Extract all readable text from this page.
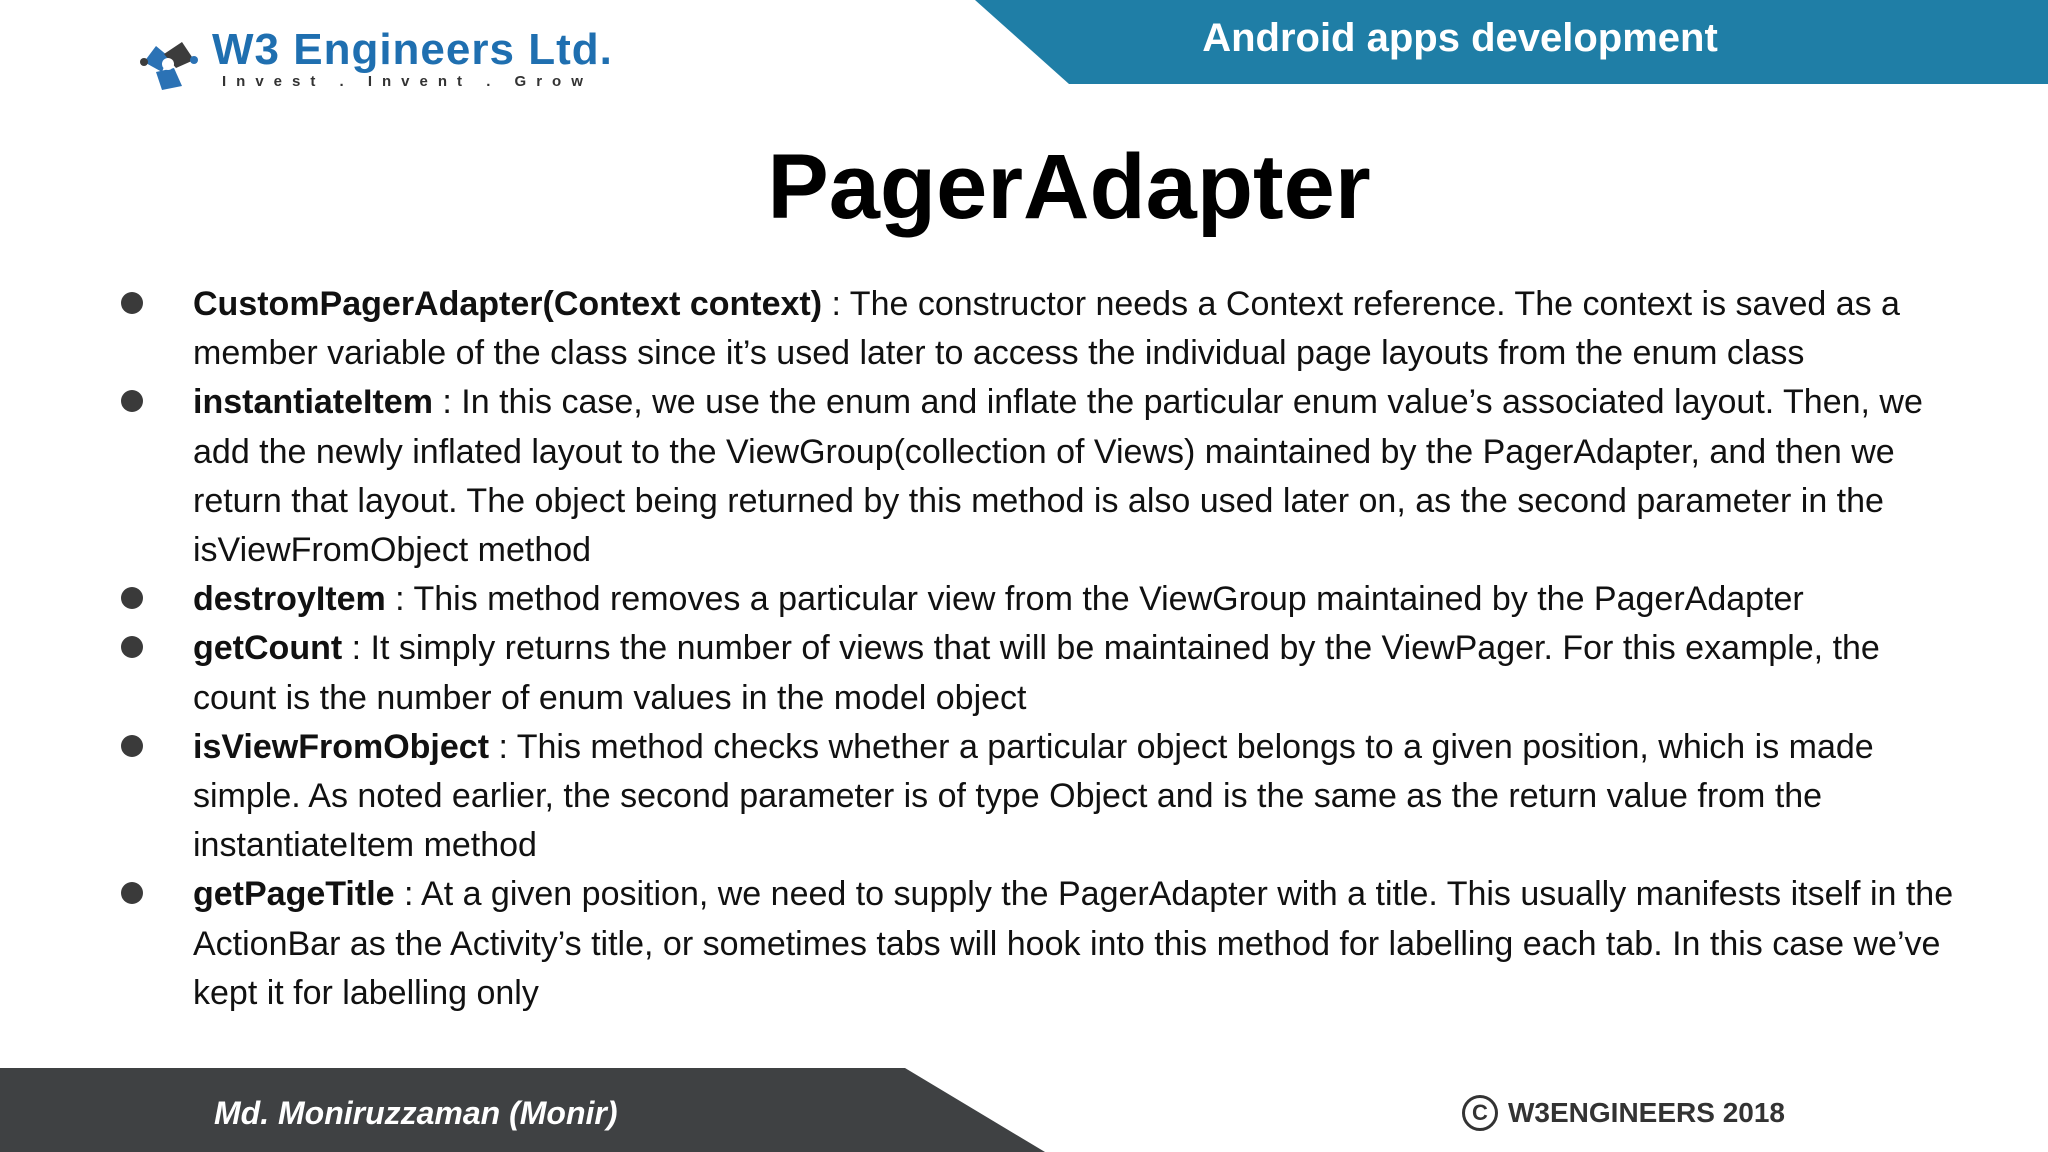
W3 Engineers Ltd.
Invest . Invent . Grow
Android apps development
PagerAdapter
CustomPagerAdapter(Context context) : The constructor needs a Context reference. The context is saved as a member variable of the class since it’s used later to access the individual page layouts from the enum class
instantiateItem : In this case, we use the enum and inflate the particular enum value’s associated layout. Then, we add the newly inflated layout to the ViewGroup(collection of Views) maintained by the PagerAdapter, and then we return that layout. The object being returned by this method is also used later on, as the second parameter in the isViewFromObject method
destroyItem : This method removes a particular view from the ViewGroup maintained by the PagerAdapter
getCount : It simply returns the number of views that will be maintained by the ViewPager. For this example, the count is the number of enum values in the model object
isViewFromObject : This method checks whether a particular object belongs to a given position, which is made simple. As noted earlier, the second parameter is of type Object and is the same as the return value from the instantiateItem method
getPageTitle : At a given position, we need to supply the PagerAdapter with a title. This usually manifests itself in the ActionBar as the Activity’s title, or sometimes tabs will hook into this method for labelling each tab. In this case we’ve kept it for labelling only
Md. Moniruzzaman (Monir)	C W3ENGINEERS 2018
